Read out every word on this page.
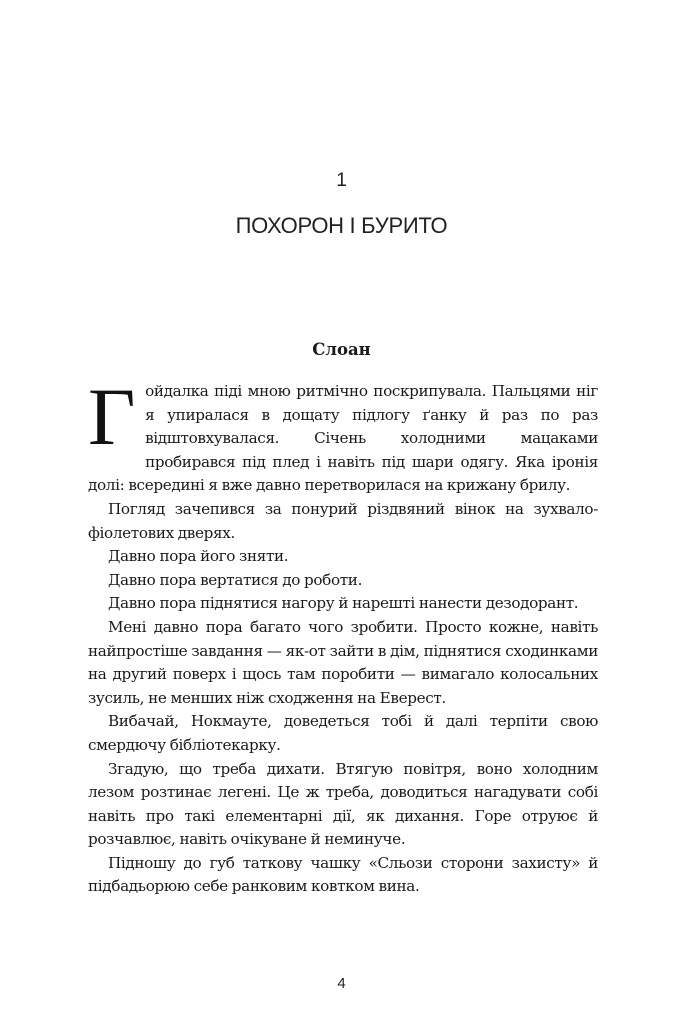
1
ПОХОРОН І БУРИТО
Слоан

Гойдалка піді мною ритмічно поскрипувала. Пальцями ніг я упиралася в дощату підлогу ґанку й раз по раз відштовхувалася. Січень холодними мацаками пробирався під плед і навіть під шари одягу. Яка іронія долі: всередині я вже давно перетворилася на крижану брилу.

Погляд зачепився за понурий різдвяний вінок на зухвало-фіолетових дверях.

Давно пора його зняти.

Давно пора вертатися до роботи.

Давно пора піднятися нагору й нарешті нанести дезодорант.

Мені давно пора багато чого зробити. Просто кожне, навіть найпростіше завдання — як-от зайти в дім, піднятися сходинками на другий поверх і щось там поробити — вимагало колосальних зусиль, не менших ніж сходження на Еверест.

Вибачай, Нокмауте, доведеться тобі й далі терпіти свою смердючу бібліотекарку.

Згадую, що треба дихати. Втягую повітря, воно холодним лезом розтинає легені. Це ж треба, доводиться нагадувати собі навіть про такі елементарні дії, як дихання. Горе отруює й розчавлює, навіть очікуване й неминуче.

Підношу до губ таткову чашку «Сльози сторони захисту» й підбадьорюю себе ранковим ковтком вина.

4
